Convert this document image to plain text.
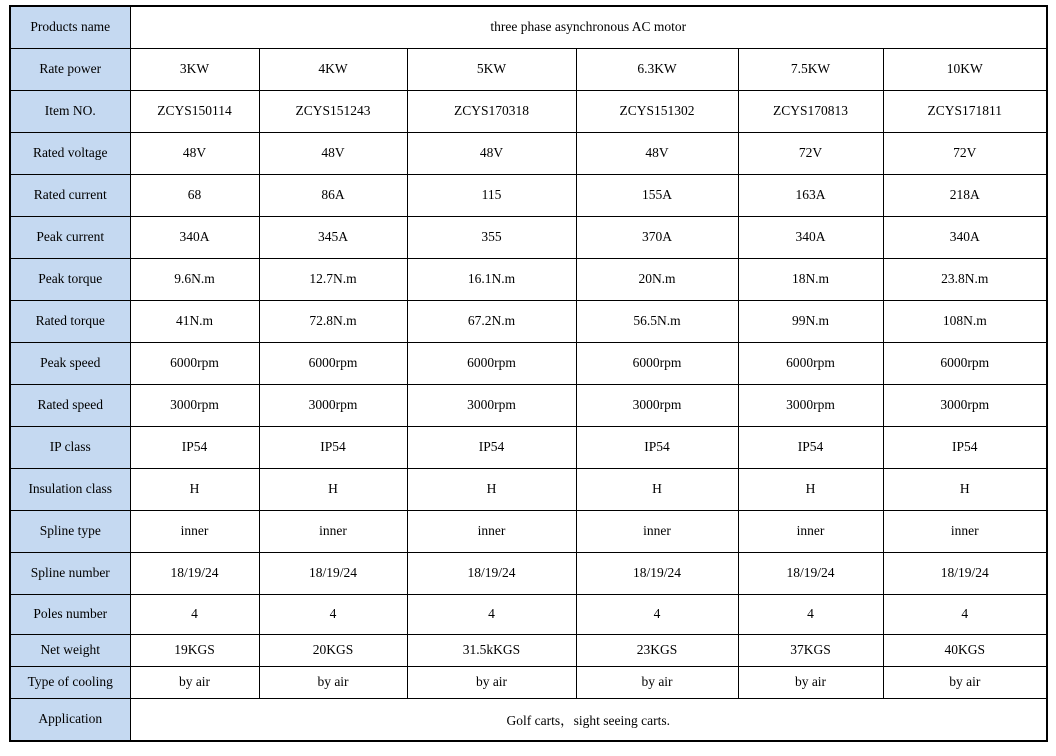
Products name	three phase asynchronous AC motor					
Rate power	3KW	4KW	5KW	6.3KW	7.5KW	10KW
Item NO.	ZCYS150114	ZCYS151243	ZCYS170318	ZCYS151302	ZCYS170813	ZCYS171811
Rated voltage	48V	48V	48V	48V	72V	72V
Rated current	68	86A	115	155A	163A	218A
Peak current	340A	345A	355	370A	340A	340A
Peak torque	9.6N.m	12.7N.m	16.1N.m	20N.m	18N.m	23.8N.m
Rated torque	41N.m	72.8N.m	67.2N.m	56.5N.m	99N.m	108N.m
Peak speed	6000rpm	6000rpm	6000rpm	6000rpm	6000rpm	6000rpm
Rated speed	3000rpm	3000rpm	3000rpm	3000rpm	3000rpm	3000rpm
IP class	IP54	IP54	IP54	IP54	IP54	IP54
Insulation class	H	H	H	H	H	H
Spline type	inner	inner	inner	inner	inner	inner
Spline number	18/19/24	18/19/24	18/19/24	18/19/24	18/19/24	18/19/24
Poles number	4	4	4	4	4	4
Net weight	19KGS	20KGS	31.5kKGS	23KGS	37KGS	40KGS
Type of cooling	by air	by air	by air	by air	by air	by air
Application	Golf carts，sight seeing carts.					
